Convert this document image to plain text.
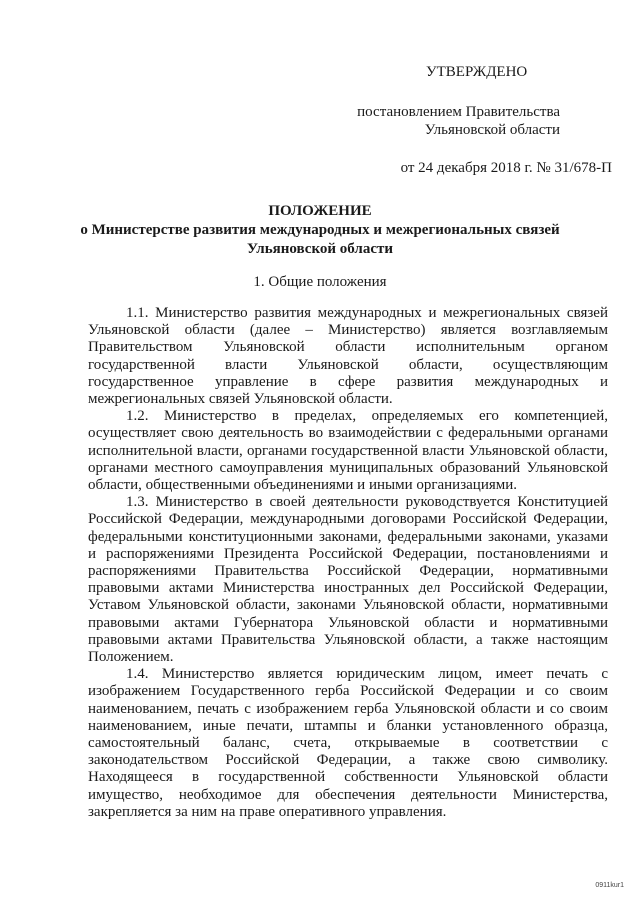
УТВЕРЖДЕНО
постановлением Правительства
Ульяновской области
от 24 декабря 2018 г. № 31/678-П
ПОЛОЖЕНИЕ
о Министерстве развития международных и межрегиональных связей
Ульяновской области
1. Общие положения

1.1. Министерство развития международных и межрегиональных связей Ульяновской области (далее – Министерство) является возглавляемым Правительством Ульяновской области исполнительным органом государственной власти Ульяновской области, осуществляющим государственное управление в сфере развития международных и межрегиональных связей Ульяновской области.

1.2. Министерство в пределах, определяемых его компетенцией, осуществляет свою деятельность во взаимодействии с федеральными органами исполнительной власти, органами государственной власти Ульяновской области, органами местного самоуправления муниципальных образований Ульяновской области, общественными объединениями и иными организациями.

1.3. Министерство в своей деятельности руководствуется Конституцией Российской Федерации, международными договорами Российской Федерации, федеральными конституционными законами, федеральными законами, указами и распоряжениями Президента Российской Федерации, постановлениями и распоряжениями Правительства Российской Федерации, нормативными правовыми актами Министерства иностранных дел Российской Федерации, Уставом Ульяновской области, законами Ульяновской области, нормативными правовыми актами Губернатора Ульяновской области и нормативными правовыми актами Правительства Ульяновской области, а также настоящим Положением.

1.4. Министерство является юридическим лицом, имеет печать с изображением Государственного герба Российской Федерации и со своим наименованием, печать с изображением герба Ульяновской области и со своим наименованием, иные печати, штампы и бланки установленного образца, самостоятельный баланс, счета, открываемые в соответствии с законодательством Российской Федерации, а также свою символику. Находящееся в государственной собственности Ульяновской области имущество, необходимое для обеспечения деятельности Министерства, закрепляется за ним на праве оперативного управления.

0911kur1
